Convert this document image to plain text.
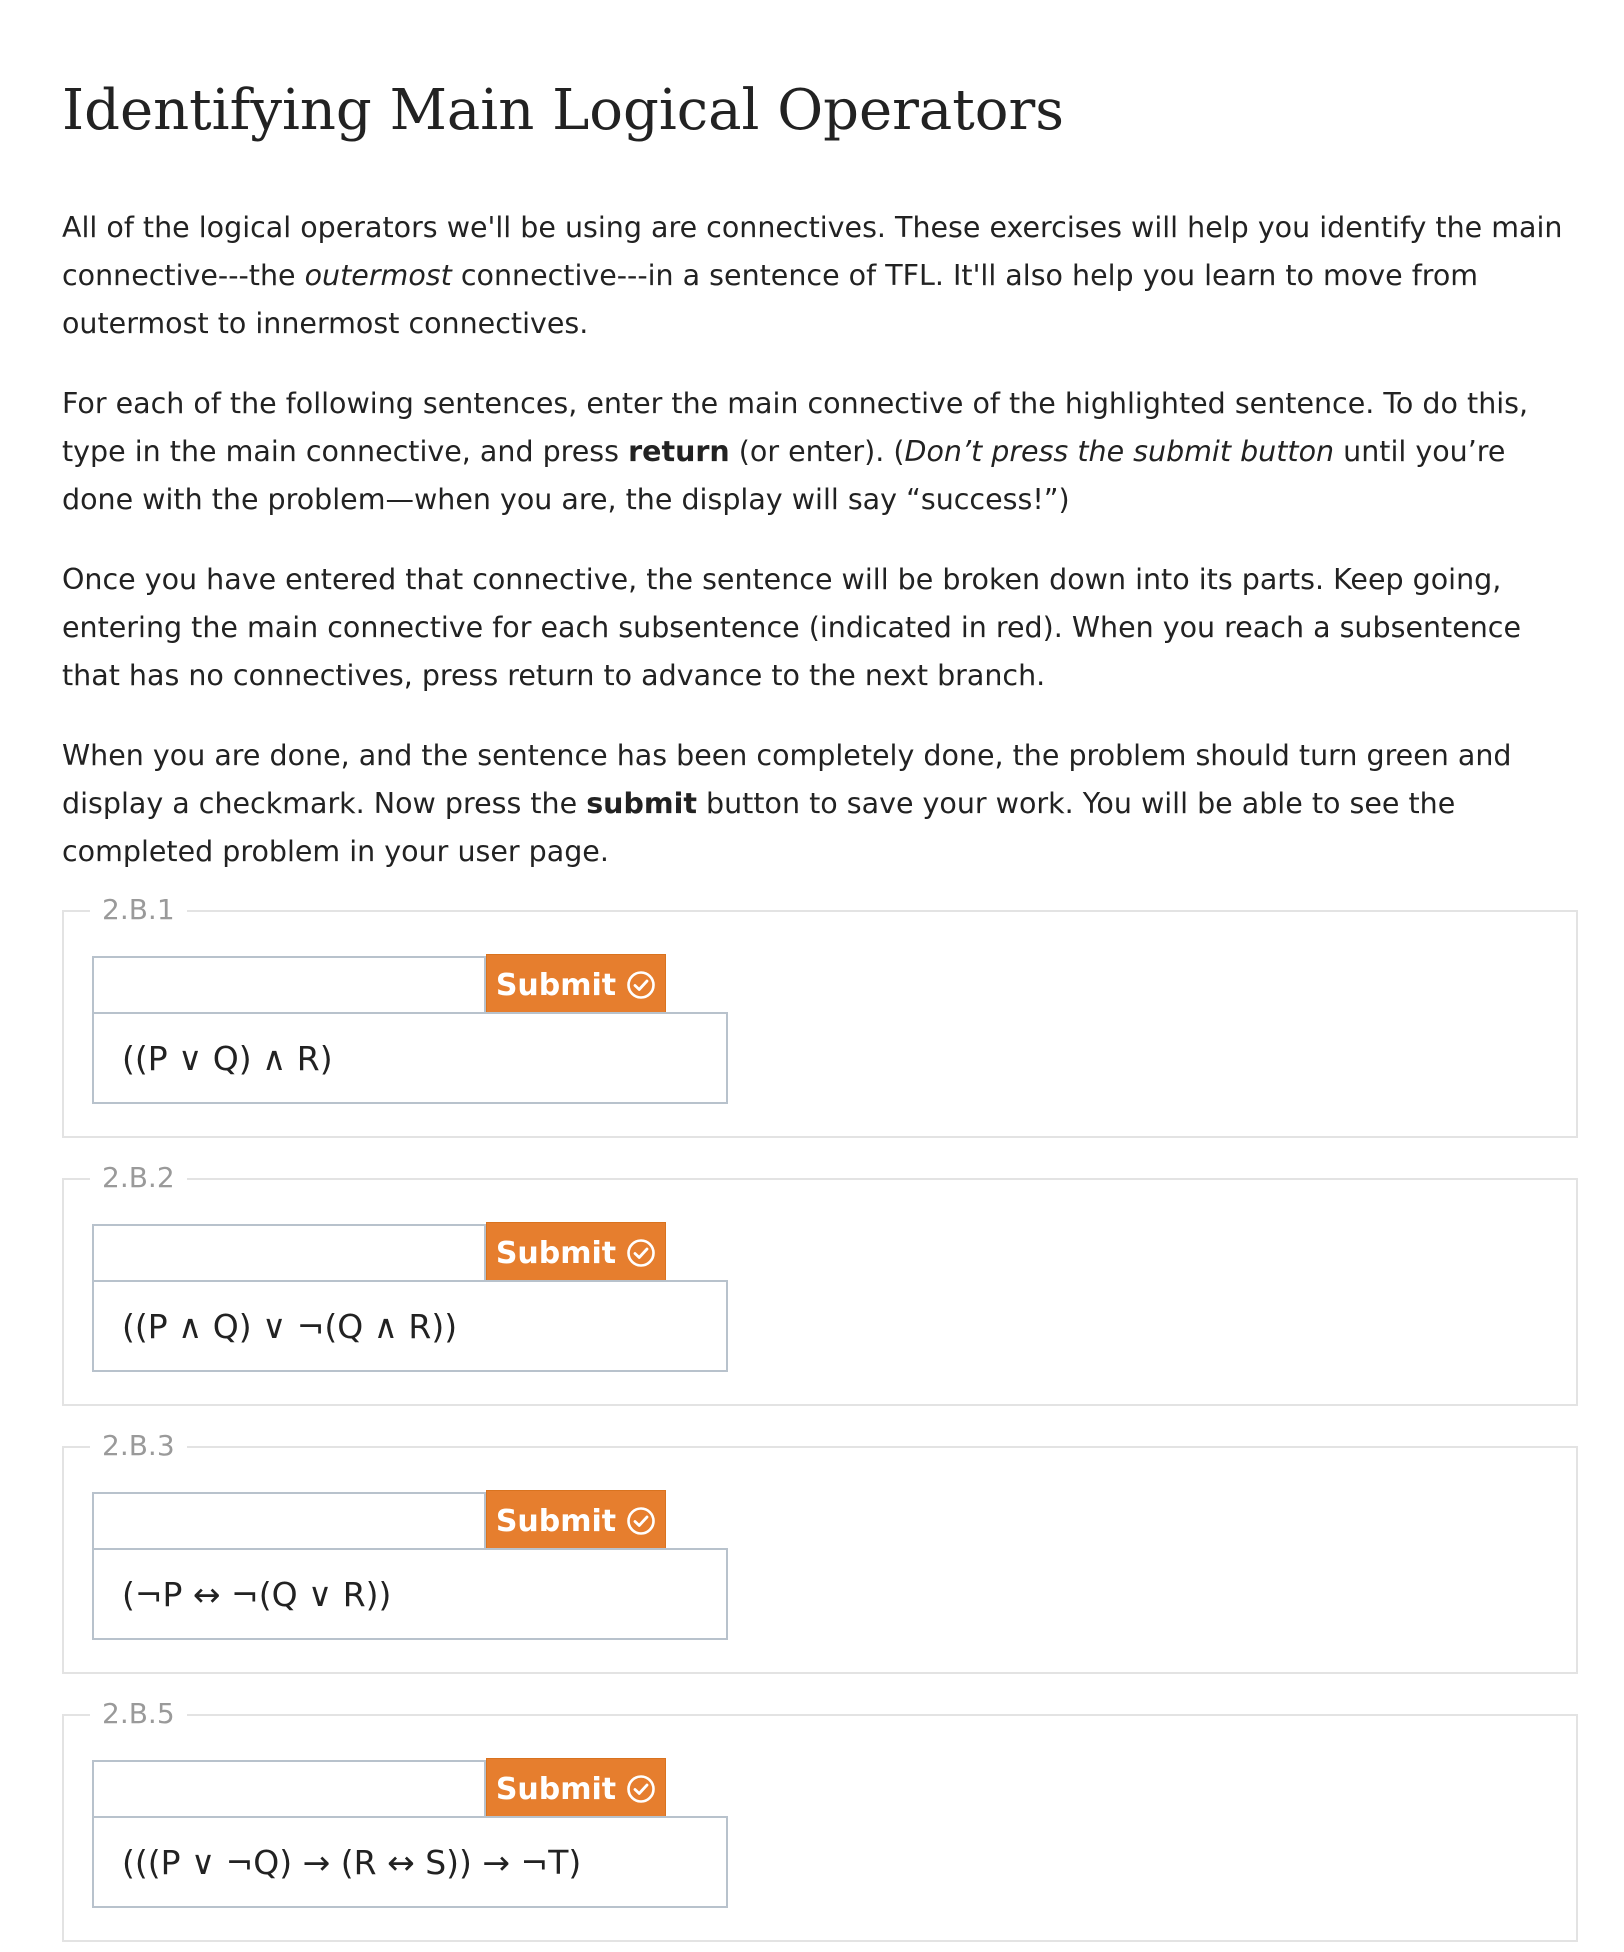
Identifying Main Logical Operators

All of the logical operators we'll be using are connectives. These exercises will help you identify the main connective---the outermost connective---in a sentence of TFL. It'll also help you learn to move from outermost to innermost connectives.

For each of the following sentences, enter the main connective of the highlighted sentence. To do this, type in the main connective, and press return (or enter). (Don’t press the submit button until you’re done with the problem—when you are, the display will say “success!”)

Once you have entered that connective, the sentence will be broken down into its parts. Keep going, entering the main connective for each subsentence (indicated in red). When you reach a subsentence that has no connectives, press return to advance to the next branch.

When you are done, and the sentence has been completely done, the problem should turn green and display a checkmark. Now press the submit button to save your work. You will be able to see the completed problem in your user page.

2.B.1
Submit
((P ∨ Q) ∧ R)
2.B.2
Submit
((P ∧ Q) ∨ ¬(Q ∧ R))
2.B.3
Submit
(¬P ↔ ¬(Q ∨ R))
2.B.5
Submit
(((P ∨ ¬Q) → (R ↔ S)) → ¬T)
